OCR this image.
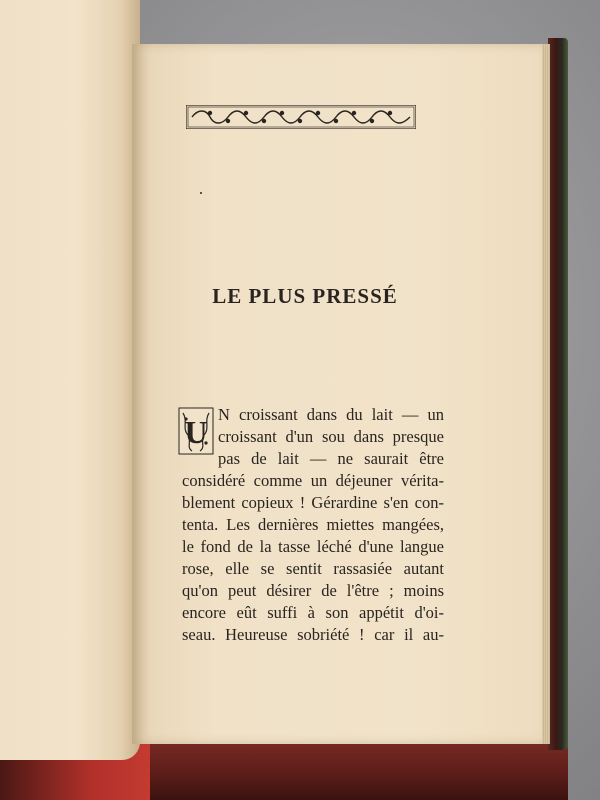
LE PLUS PRESSÉ
U N croissant dans du lait — un

croissant d'un sou dans presque

pas de lait — ne saurait être

considéré comme un déjeuner vérita-

blement copieux ! Gérardine s'en con-

tenta. Les dernières miettes mangées,

le fond de la tasse léché d'une langue

rose, elle se sentit rassasiée autant

qu'on peut désirer de l'être ; moins

encore eût suffi à son appétit d'oi-

seau. Heureuse sobriété ! car il au-
